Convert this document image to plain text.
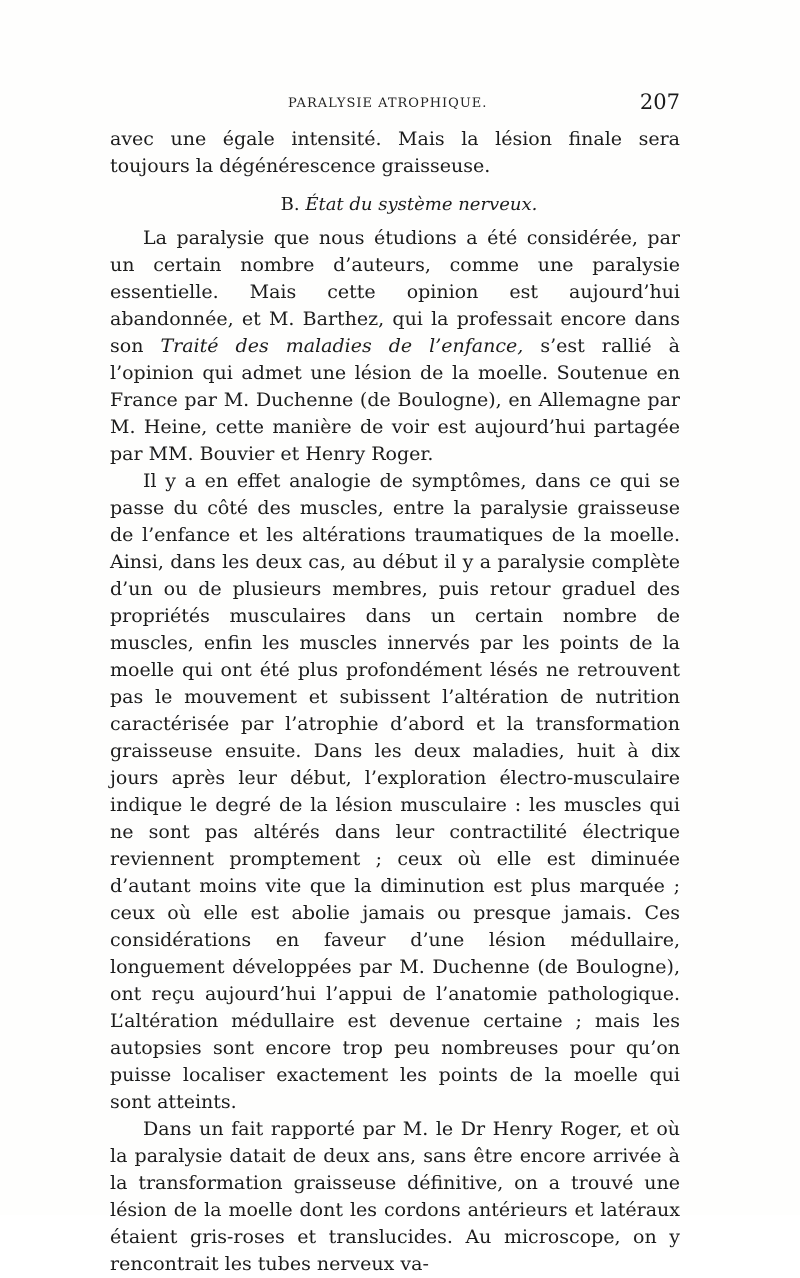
PARALYSIE ATROPHIQUE.	207

avec une égale intensité. Mais la lésion finale sera toujours la dégénérescence graisseuse.

B. État du système nerveux.

La paralysie que nous étudions a été considérée, par un certain nombre d’auteurs, comme une paralysie essentielle. Mais cette opinion est aujourd’hui abandonnée, et M. Barthez, qui la professait encore dans son Traité des maladies de l’enfance, s’est rallié à l’opinion qui admet une lésion de la moelle. Soutenue en France par M. Duchenne (de Boulogne), en Allemagne par M. Heine, cette manière de voir est aujourd’hui partagée par MM. Bouvier et Henry Roger.

Il y a en effet analogie de symptômes, dans ce qui se passe du côté des muscles, entre la paralysie graisseuse de l’enfance et les altérations traumatiques de la moelle. Ainsi, dans les deux cas, au début il y a paralysie complète d’un ou de plusieurs membres, puis retour graduel des propriétés musculaires dans un certain nombre de muscles, enfin les muscles innervés par les points de la moelle qui ont été plus profondément lésés ne retrouvent pas le mouvement et subissent l’altération de nutrition caractérisée par l’atrophie d’abord et la transformation graisseuse ensuite. Dans les deux maladies, huit à dix jours après leur début, l’exploration électro-musculaire indique le degré de la lésion musculaire : les muscles qui ne sont pas altérés dans leur contractilité électrique reviennent promptement ; ceux où elle est diminuée d’autant moins vite que la diminution est plus marquée ; ceux où elle est abolie jamais ou presque jamais. Ces considérations en faveur d’une lésion médullaire, longuement développées par M. Duchenne (de Boulogne), ont reçu aujourd’hui l’appui de l’anatomie pathologique. L’altération médullaire est devenue certaine ; mais les autopsies sont encore trop peu nombreuses pour qu’on puisse localiser exactement les points de la moelle qui sont atteints.

Dans un fait rapporté par M. le Dr Henry Roger, et où la paralysie datait de deux ans, sans être encore arrivée à la transformation graisseuse définitive, on a trouvé une lésion de la moelle dont les cordons antérieurs et latéraux étaient gris-roses et translucides. Au microscope, on y rencontrait les tubes nerveux va-
